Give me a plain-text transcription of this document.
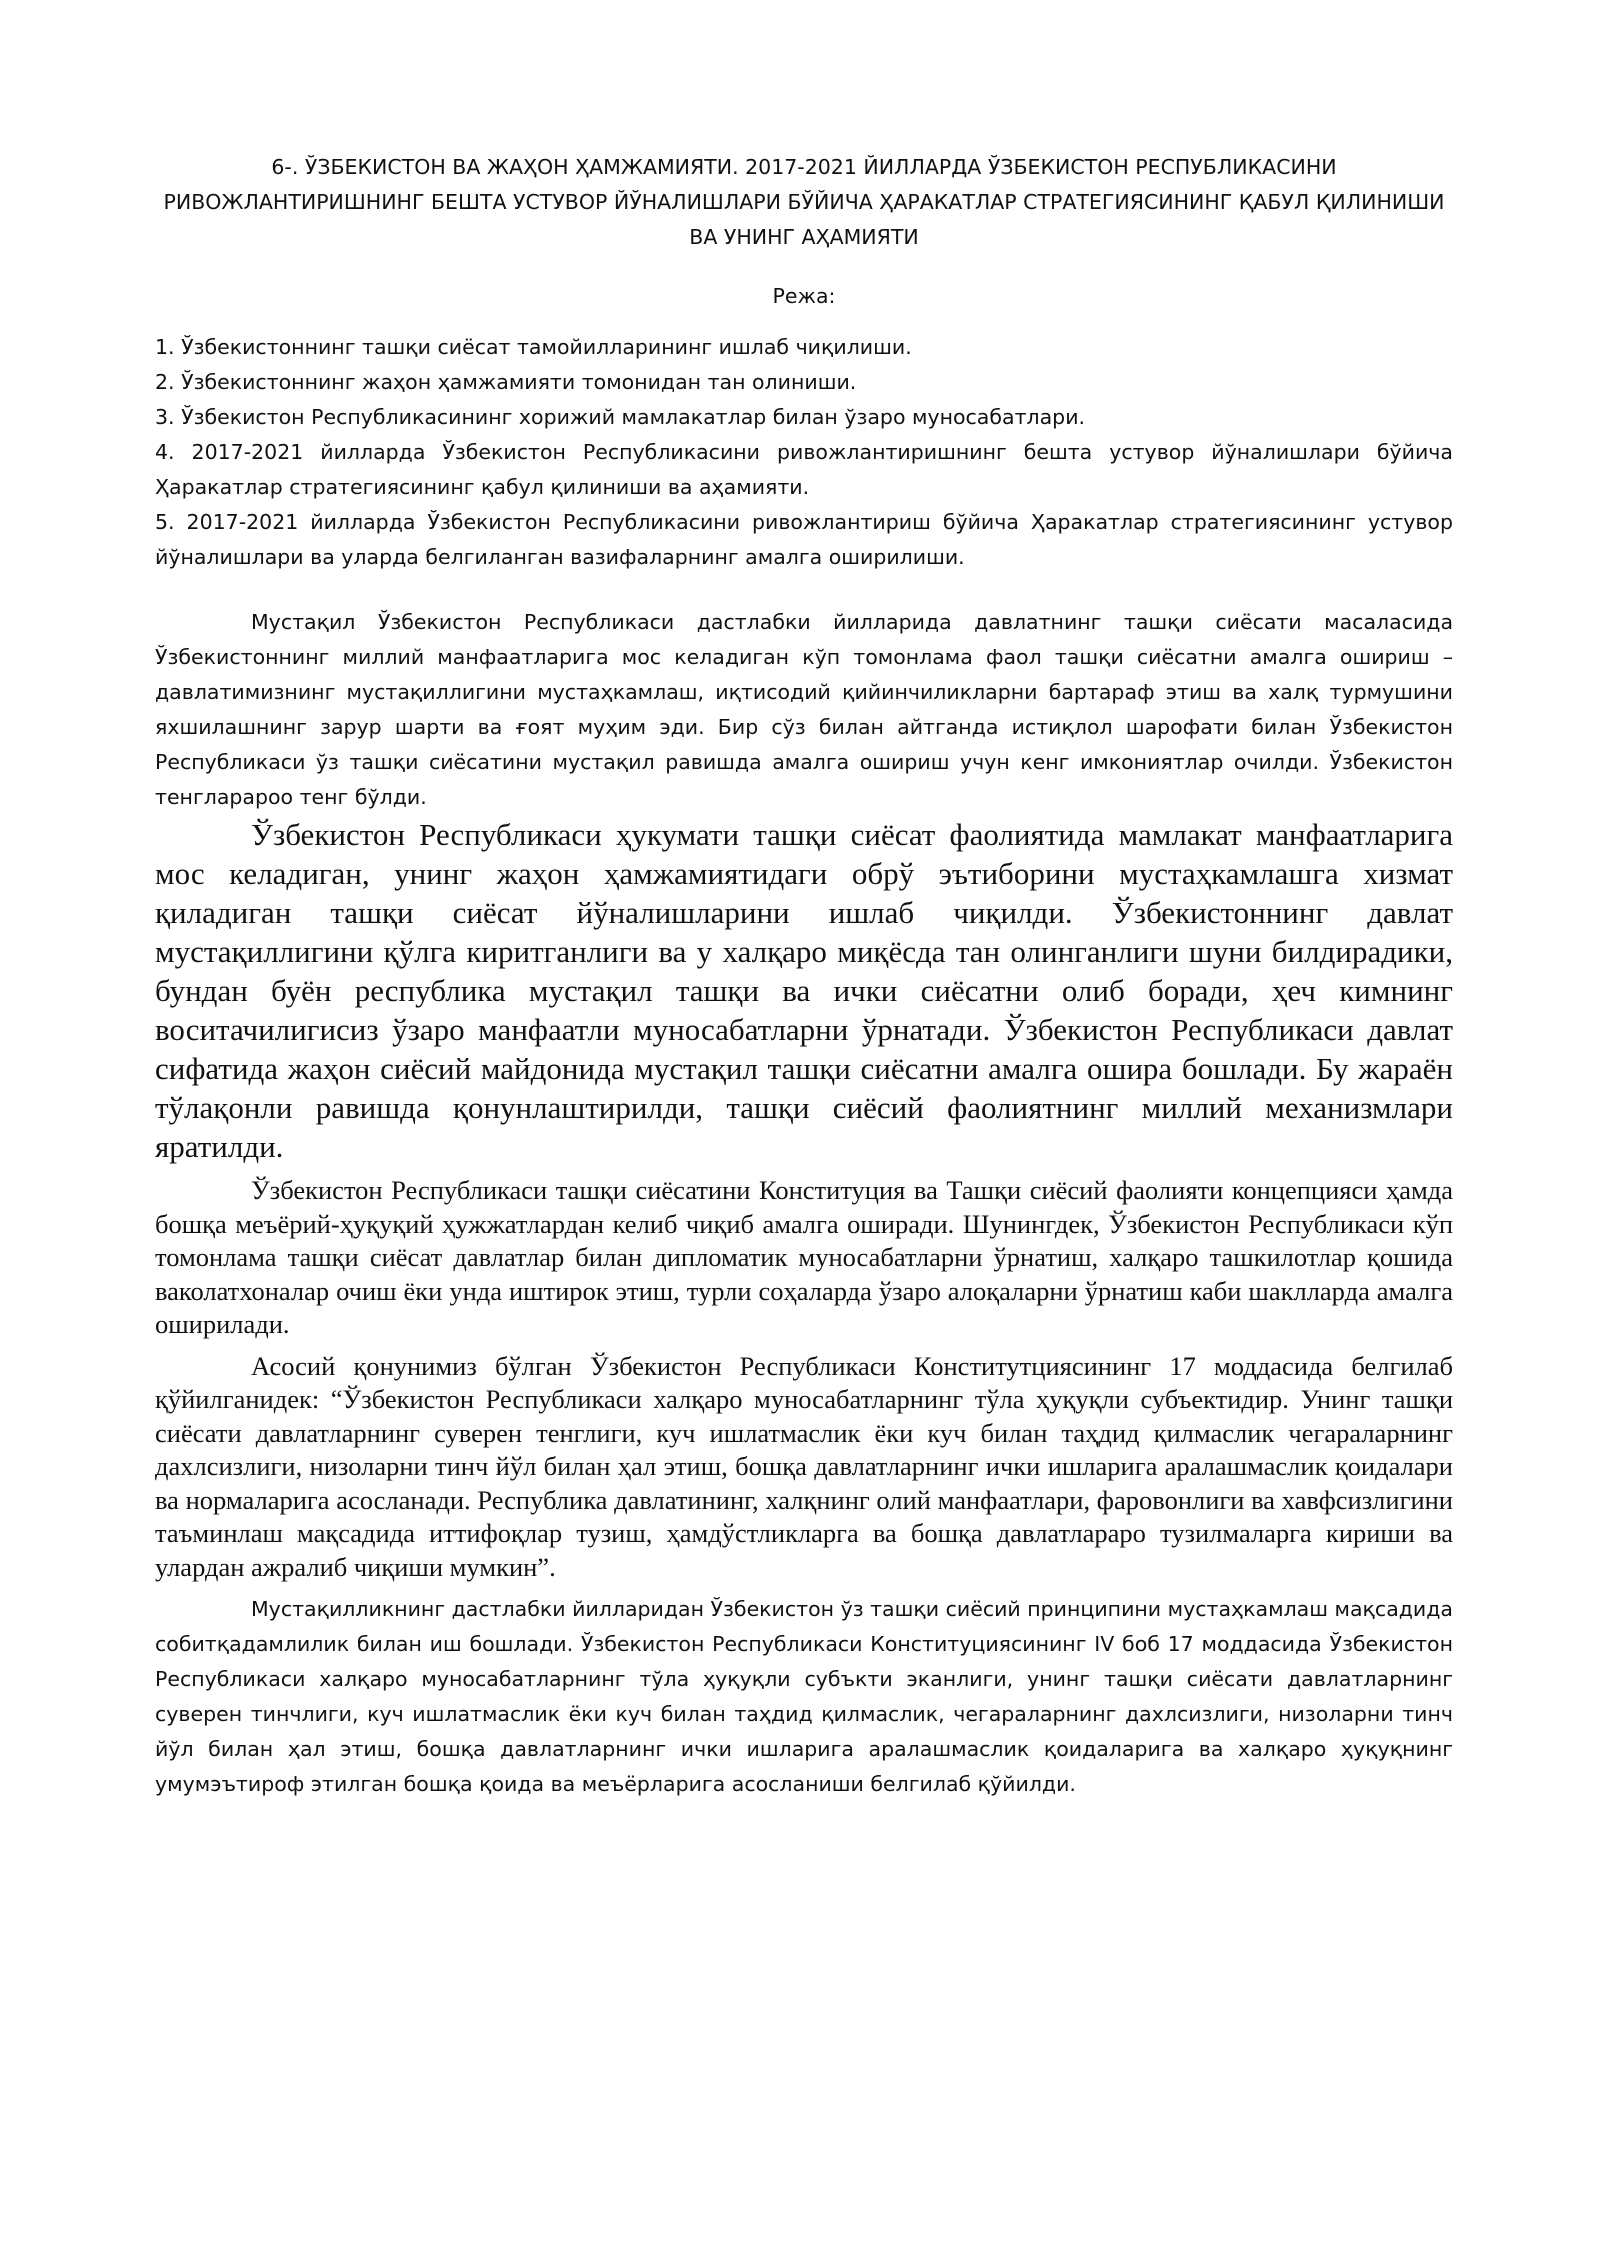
6-. ЎЗБЕКИСТОН ВА ЖАҲОН ҲАМЖАМИЯТИ. 2017-2021 ЙИЛЛАРДА ЎЗБЕКИСТОН РЕСПУБЛИКАСИНИ РИВОЖЛАНТИРИШНИНГ БЕШТА УСТУВОР ЙЎНАЛИШЛАРИ БЎЙИЧА ҲАРАКАТЛАР СТРАТЕГИЯСИНИНГ ҚАБУЛ ҚИЛИНИШИ ВА УНИНГ АҲАМИЯТИ
Режа:
1. Ўзбекистоннинг ташқи сиёсат тамойилларининг ишлаб чиқилиши.
2. Ўзбекистоннинг жаҳон ҳамжамияти томонидан тан олиниши.
3. Ўзбекистон Республикасининг хорижий мамлакатлар билан ўзаро муносабатлари.
4. 2017-2021 йилларда Ўзбекистон Республикасини ривожлантиришнинг бешта устувор йўналишлари бўйича Ҳаракатлар стратегиясининг қабул қилиниши ва аҳамияти.
5. 2017-2021 йилларда Ўзбекистон Республикасини ривожлантириш бўйича Ҳаракатлар стратегиясининг устувор йўналишлари ва уларда белгиланган вазифаларнинг амалга оширилиши.

Мустақил Ўзбекистон Республикаси дастлабки йилларида давлатнинг ташқи сиёсати масаласида Ўзбекистоннинг миллий манфаатларига мос келадиган кўп томонлама фаол ташқи сиёсатни амалга ошириш – давлатимизнинг мустақиллигини мустаҳкамлаш, иқтисодий қийинчиликларни бартараф этиш ва халқ турмушини яхшилашнинг зарур шарти ва ғоят муҳим эди. Бир сўз билан айтганда истиқлол шарофати билан Ўзбекистон Республикаси ўз ташқи сиёсатини мустақил равишда амалга ошириш учун кенг имкониятлар очилди. Ўзбекистон тенгларароо тенг бўлди.

Ўзбекистон Республикаси ҳукумати ташқи сиёсат фаолиятида мамлакат манфаатларига мос келадиган, унинг жаҳон ҳамжамиятидаги обрў эътиборини мустаҳкамлашга хизмат қиладиган ташқи сиёсат йўналишларини ишлаб чиқилди. Ўзбекистоннинг давлат мустақиллигини қўлга киритганлиги ва у халқаро миқёсда тан олинганлиги шуни билдирадики, бундан буён республика мустақил ташқи ва ички сиёсатни олиб боради, ҳеч кимнинг воситачилигисиз ўзаро манфаатли муносабатларни ўрнатади. Ўзбекистон Республикаси давлат сифатида жаҳон сиёсий майдонида мустақил ташқи сиёсатни амалга ошира бошлади. Бу жараён тўлақонли равишда қонунлаштирилди, ташқи сиёсий фаолиятнинг миллий механизмлари яратилди.

Ўзбекистон Республикаси ташқи сиёсатини Конституция ва Ташқи сиёсий фаолияти концепцияси ҳамда бошқа меъёрий-ҳуқуқий ҳужжатлардан келиб чиқиб амалга оширади. Шунингдек, Ўзбекистон Республикаси кўп томонлама ташқи сиёсат давлатлар билан дипломатик муносабатларни ўрнатиш, халқаро ташкилотлар қошида ваколатхоналар очиш ёки унда иштирок этиш, турли соҳаларда ўзаро алоқаларни ўрнатиш каби шаклларда амалга оширилади.

Асосий қонунимиз бўлган Ўзбекистон Республикаси Конститутциясининг 17 моддасида белгилаб қўйилганидек: “Ўзбекистон Республикаси халқаро муносабатларнинг тўла ҳуқуқли субъектидир. Унинг ташқи сиёсати давлатларнинг суверен тенглиги, куч ишлатмаслик ёки куч билан таҳдид қилмаслик чегараларнинг дахлсизлиги, низоларни тинч йўл билан ҳал этиш, бошқа давлатларнинг ички ишларига аралашмаслик қоидалари ва нормаларига асосланади. Республика давлатининг, халқнинг олий манфаатлари, фаровонлиги ва хавфсизлигини таъминлаш мақсадида иттифоқлар тузиш, ҳамдўстликларга ва бошқа давлатлараро тузилмаларга кириши ва улардан ажралиб чиқиши мумкин”.

Мустақилликнинг дастлабки йилларидан Ўзбекистон ўз ташқи сиёсий принципини мустаҳкамлаш мақсадида собитқадамлилик билан иш бошлади. Ўзбекистон Республикаси Конституциясининг IV боб 17 моддасида Ўзбекистон Республикаси халқаро муносабатларнинг тўла ҳуқуқли субъкти эканлиги, унинг ташқи сиёсати давлатларнинг суверен тинчлиги, куч ишлатмаслик ёки куч билан таҳдид қилмаслик, чегараларнинг дахлсизлиги, низоларни тинч йўл билан ҳал этиш, бошқа давлатларнинг ички ишларига аралашмаслик қоидаларига ва халқаро ҳуқуқнинг умумэътироф этилган бошқа қоида ва меъёрларига асосланиши белгилаб қўйилди.
